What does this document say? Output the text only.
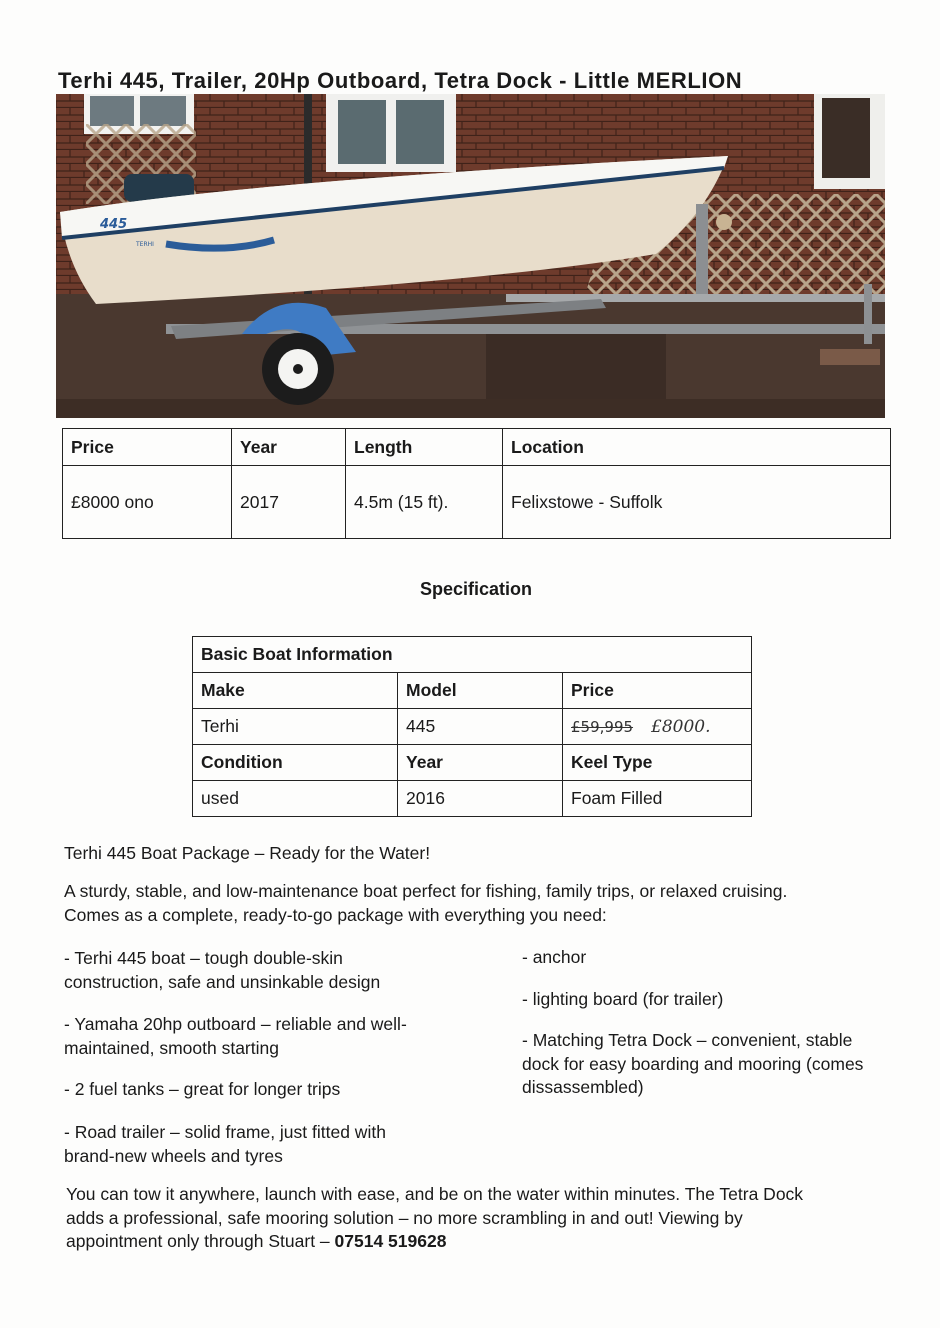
Terhi 445, Trailer, 20Hp Outboard, Tetra Dock - Little MERLION
445
TERHI
Price	Year	Length	Location
£8000 ono	2017	4.5m (15 ft).	Felixstowe - Suffolk
Specification
Basic Boat Information		
Make	Model	Price
Terhi	445	£59,995 £8000.
Condition	Year	Keel Type
used	2016	Foam Filled
Terhi 445 Boat Package – Ready for the Water!
A sturdy, stable, and low-maintenance boat perfect for fishing, family trips, or relaxed cruising.
Comes as a complete, ready-to-go package with everything you need:
- Terhi 445 boat – tough double-skin
construction, safe and unsinkable design
- Yamaha 20hp outboard – reliable and well-
maintained, smooth starting
- 2 fuel tanks – great for longer trips
- Road trailer – solid frame, just fitted with
brand-new wheels and tyres
- anchor
- lighting board (for trailer)
- Matching Tetra Dock – convenient, stable
dock for easy boarding and mooring (comes
dissassembled)
You can tow it anywhere, launch with ease, and be on the water within minutes. The Tetra Dock
adds a professional, safe mooring solution – no more scrambling in and out! Viewing by
appointment only through Stuart – 07514 519628
